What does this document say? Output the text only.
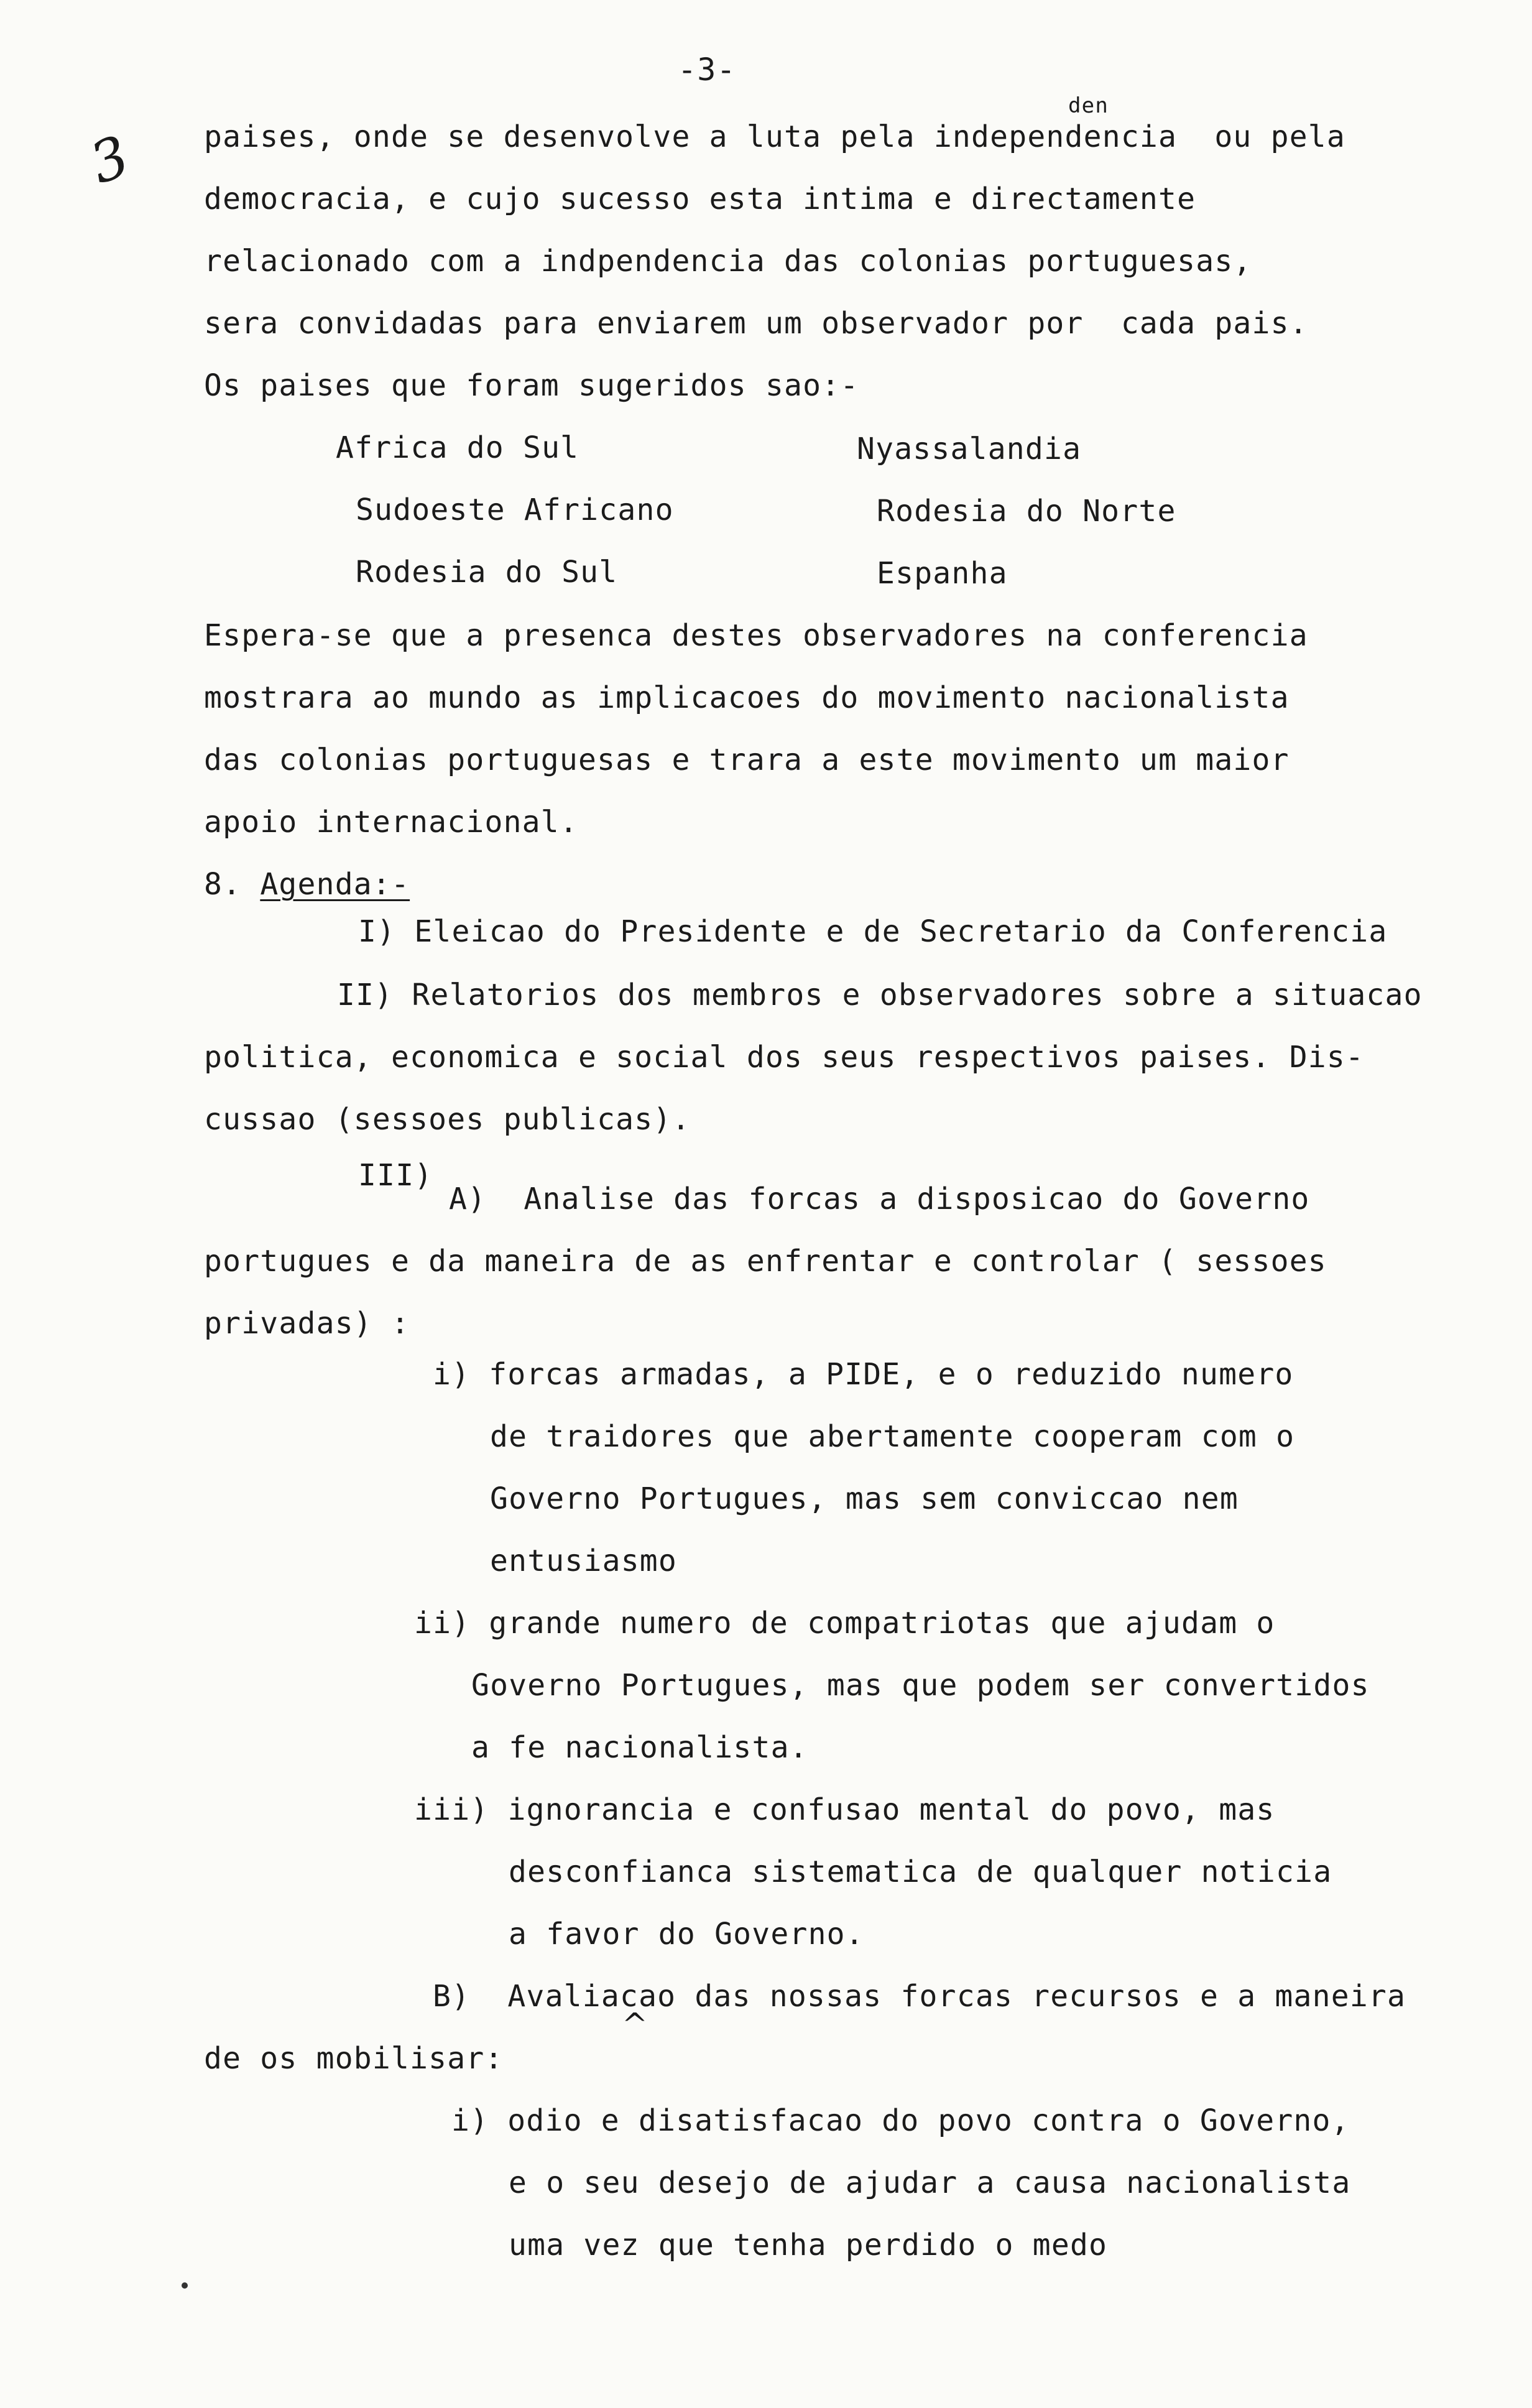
-3-
3
den
^
paises, onde se desenvolve a luta pela independencia  ou pela
democracia, e cujo sucesso esta intima e directamente
relacionado com a indpendencia das colonias portuguesas,
sera convidadas para enviarem um observador por  cada pais.
Os paises que foram sugeridos sao:-
Africa do Sul
Sudoeste Africano
Rodesia do Sul
Nyassalandia
Rodesia do Norte
Espanha
Espera-se que a presenca destes observadores na conferencia
mostrara ao mundo as implicacoes do movimento nacionalista
das colonias portuguesas e trara a este movimento um maior
apoio internacional.
8. Agenda:-
I) Eleicao do Presidente e de Secretario da Conferencia
II) Relatorios dos membros e observadores sobre a situacao
politica, economica e social dos seus respectivos paises. Dis-
cussao (sessoes publicas).
III)
A)  Analise das forcas a disposicao do Governo
portugues e da maneira de as enfrentar e controlar ( sessoes
privadas) :
i) forcas armadas, a PIDE, e o reduzido numero
de traidores que abertamente cooperam com o
Governo Portugues, mas sem conviccao nem
entusiasmo
ii) grande numero de compatriotas que ajudam o
Governo Portugues, mas que podem ser convertidos
a fe nacionalista.
iii) ignorancia e confusao mental do povo, mas
desconfianca sistematica de qualquer noticia
a favor do Governo.
B)  Avaliacao das nossas forcas recursos e a maneira
de os mobilisar:
i) odio e disatisfacao do povo contra o Governo,
e o seu desejo de ajudar a causa nacionalista
uma vez que tenha perdido o medo
